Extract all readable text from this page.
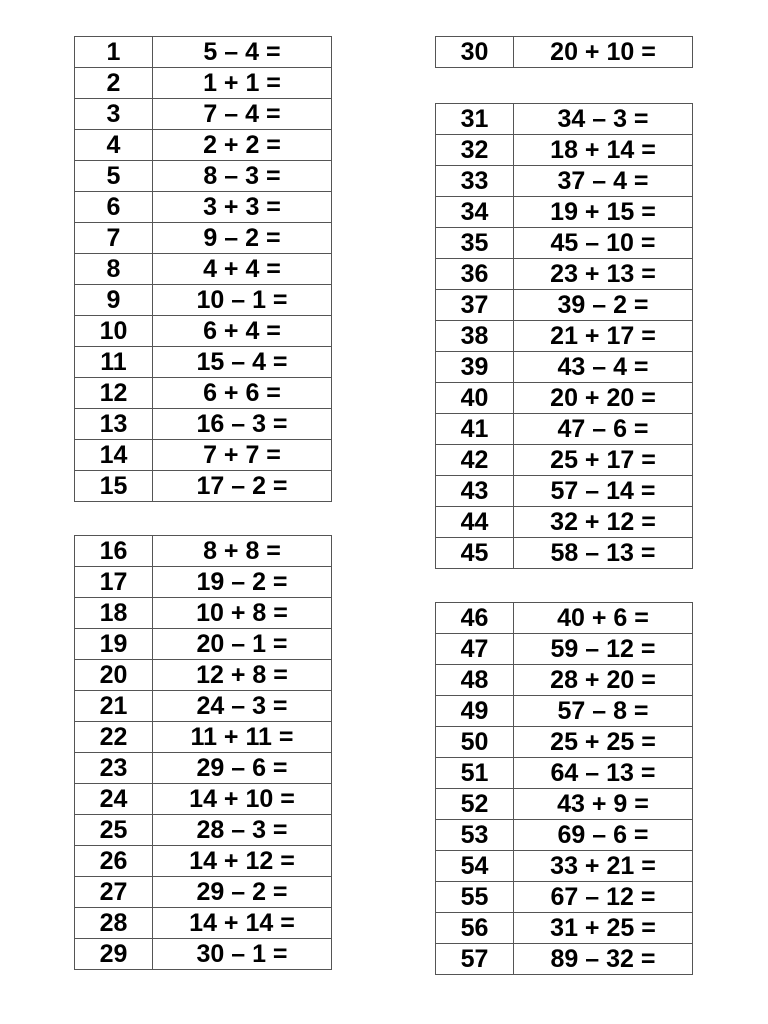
1	5 – 4 =
2	1 + 1 =
3	7 – 4 =
4	2 + 2 =
5	8 – 3 =
6	3 + 3 =
7	9 – 2 =
8	4 + 4 =
9	10 – 1 =
10	6 + 4 =
11	15 – 4 =
12	6 + 6 =
13	16 – 3 =
14	7 + 7 =
15	17 – 2 =
16	8 + 8 =
17	19 – 2 =
18	10 + 8 =
19	20 – 1 =
20	12 + 8 =
21	24 – 3 =
22	11 + 11 =
23	29 – 6 =
24	14 + 10 =
25	28 – 3 =
26	14 + 12 =
27	29 – 2 =
28	14 + 14 =
29	30 – 1 =
30	20 + 10 =
31	34 – 3 =
32	18 + 14 =
33	37 – 4 =
34	19 + 15 =
35	45 – 10 =
36	23 + 13 =
37	39 – 2 =
38	21 + 17 =
39	43 – 4 =
40	20 + 20 =
41	47 – 6 =
42	25 + 17 =
43	57 – 14 =
44	32 + 12 =
45	58 – 13 =
46	40 + 6 =
47	59 – 12 =
48	28 + 20 =
49	57 – 8 =
50	25 + 25 =
51	64 – 13 =
52	43 + 9 =
53	69 – 6 =
54	33 + 21 =
55	67 – 12 =
56	31 + 25 =
57	89 – 32 =
